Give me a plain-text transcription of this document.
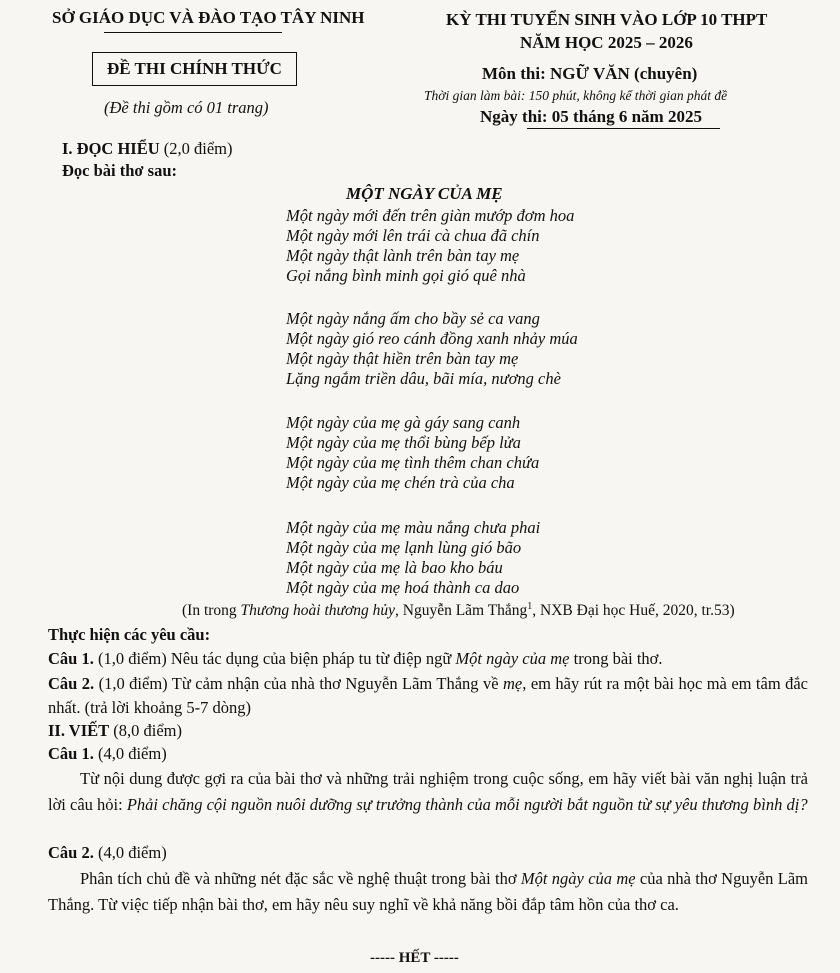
SỞ GIÁO DỤC VÀ ĐÀO TẠO TÂY NINH
ĐỀ THI CHÍNH THỨC
(Đề thi gồm có 01 trang)
KỲ THI TUYỂN SINH VÀO LỚP 10 THPT
NĂM HỌC 2025 – 2026
Môn thi: NGỮ VĂN (chuyên)
Thời gian làm bài: 150 phút, không kể thời gian phát đề
Ngày thi: 05 tháng 6 năm 2025
I. ĐỌC HIỂU (2,0 điểm)
Đọc bài thơ sau:
MỘT NGÀY CỦA MẸ
Một ngày mới đến trên giàn mướp đơm hoa
Một ngày mới lên trái cà chua đã chín
Một ngày thật lành trên bàn tay mẹ
Gọi nắng bình minh gọi gió quê nhà
Một ngày nắng ấm cho bầy sẻ ca vang
Một ngày gió reo cánh đồng xanh nhảy múa
Một ngày thật hiền trên bàn tay mẹ
Lặng ngắm triền dâu, bãi mía, nương chè
Một ngày của mẹ gà gáy sang canh
Một ngày của mẹ thổi bùng bếp lửa
Một ngày của mẹ tình thêm chan chứa
Một ngày của mẹ chén trà của cha
Một ngày của mẹ màu nắng chưa phai
Một ngày của mẹ lạnh lùng gió bão
Một ngày của mẹ là bao kho báu
Một ngày của mẹ hoá thành ca dao
(In trong Thương hoài thương hủy, Nguyễn Lãm Thắng$^1$, NXB Đại học Huế, 2020, tr.53)
Thực hiện các yêu cầu:
Câu 1. (1,0 điểm) Nêu tác dụng của biện pháp tu từ điệp ngữ Một ngày của mẹ trong bài thơ.
Câu 2. (1,0 điểm) Từ cảm nhận của nhà thơ Nguyễn Lãm Thắng về mẹ, em hãy rút ra một bài học mà em tâm đắc nhất. (trả lời khoảng 5-7 dòng)
II. VIẾT (8,0 điểm)
Câu 1. (4,0 điểm)
Từ nội dung được gợi ra của bài thơ và những trải nghiệm trong cuộc sống, em hãy viết bài văn nghị luận trả lời câu hỏi: Phải chăng cội nguồn nuôi dưỡng sự trưởng thành của mỗi người bắt nguồn từ sự yêu thương bình dị?
Câu 2. (4,0 điểm)
Phân tích chủ đề và những nét đặc sắc về nghệ thuật trong bài thơ Một ngày của mẹ của nhà thơ Nguyễn Lãm Thắng. Từ việc tiếp nhận bài thơ, em hãy nêu suy nghĩ về khả năng bồi đắp tâm hồn của thơ ca.
----- HẾT -----
